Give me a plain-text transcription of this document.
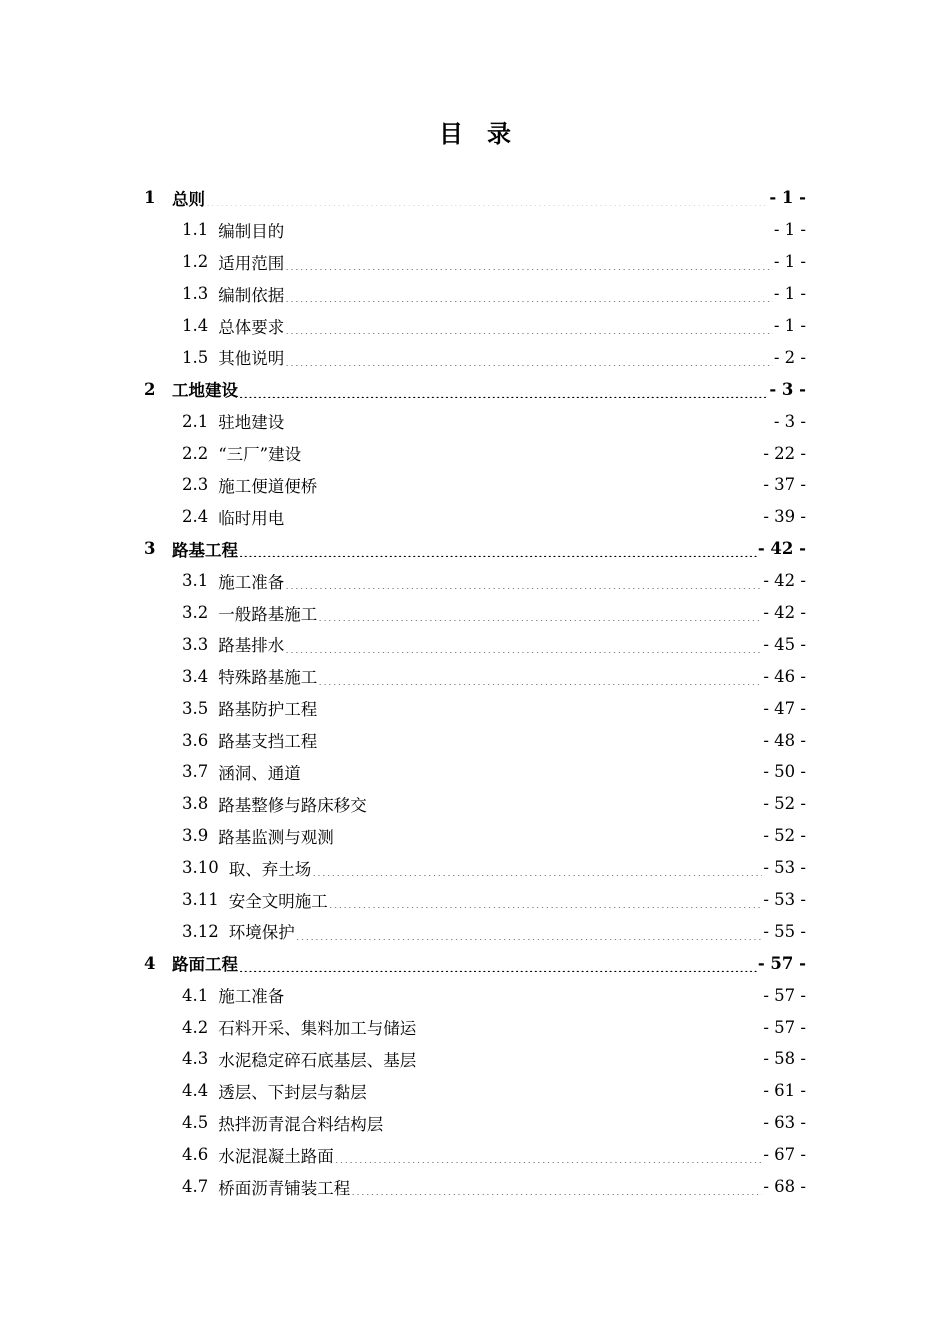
目　录
1	总则 .....	- 1 -
1.1 编制目的 .....	- 1 -
1.2 适用范围 .....	- 1 -
1.3 编制依据 .....	- 1 -
1.4 总体要求 .....	- 1 -
1.5 其他说明 .....	- 2 -
2	工地建设 .....	- 3 -
2.1 驻地建设 .....	- 3 -
2.2 “三厂”建设 .....	- 22 -
2.3 施工便道便桥 .....	- 37 -
2.4 临时用电 .....	- 39 -
3	路基工程 .....	- 42 -
3.1 施工准备 .....	- 42 -
3.2 一般路基施工 .....	- 42 -
3.3 路基排水 .....	- 45 -
3.4 特殊路基施工 .....	- 46 -
3.5 路基防护工程 .....	- 47 -
3.6 路基支挡工程 .....	- 48 -
3.7 涵洞、通道 .....	- 50 -
3.8 路基整修与路床移交 .....	- 52 -
3.9 路基监测与观测 .....	- 52 -
3.10 取、弃土场 .....	- 53 -
3.11 安全文明施工 .....	- 53 -
3.12 环境保护 .....	- 55 -
4	路面工程 .....	- 57 -
4.1 施工准备 .....	- 57 -
4.2 石料开采、集料加工与储运 .....	- 57 -
4.3 水泥稳定碎石底基层、基层 .....	- 58 -
4.4 透层、下封层与黏层 .....	- 61 -
4.5 热拌沥青混合料结构层 .....	- 63 -
4.6 水泥混凝土路面 .....	- 67 -
4.7 桥面沥青铺装工程 .....	- 68 -
